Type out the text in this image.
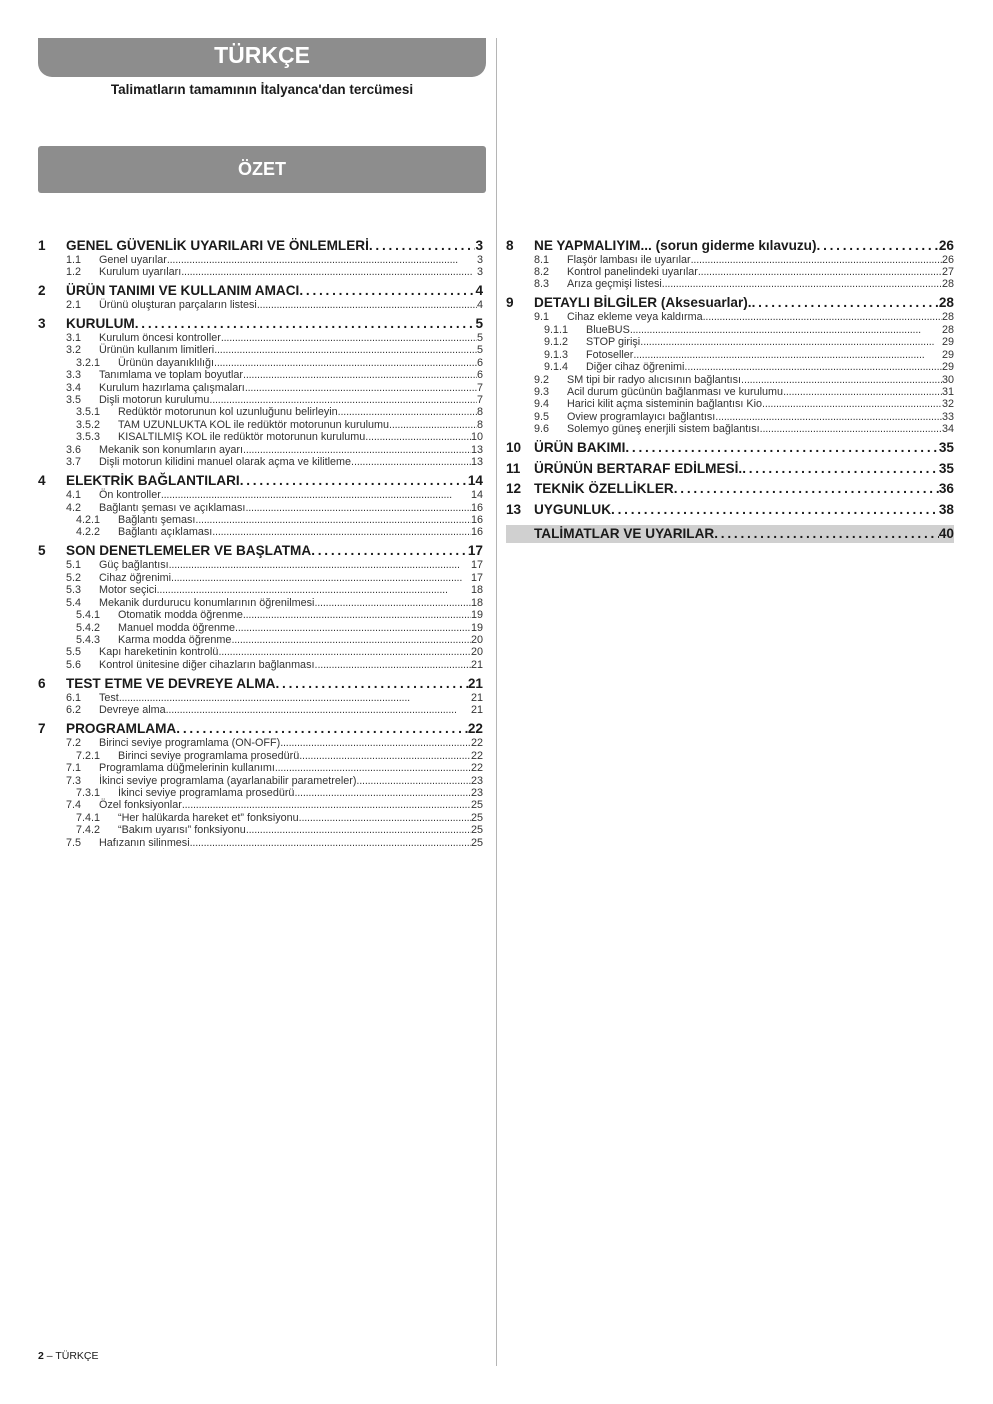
TÜRKÇE
Talimatların tamamının İtalyanca'dan tercümesi
ÖZET
1	GENEL GÜVENLİK UYARILARI VE ÖNLEMLERİ . . .	3
1.1	Genel uyarılar . . .	3
1.2	Kurulum uyarıları . . .	3
2	ÜRÜN TANIMI VE KULLANIM AMACI . . .	4
2.1	Ürünü oluşturan parçaların listesi . . .	4
3	KURULUM . . .	5
3.1	Kurulum öncesi kontroller . . .	5
3.2	Ürünün kullanım limitleri . . .	5
3.2.1	Ürünün dayanıklılığı . . .	6
3.3	Tanımlama ve toplam boyutlar . . .	6
3.4	Kurulum hazırlama çalışmaları . . .	7
3.5	Dişli motorun kurulumu . . .	7
3.5.1	Redüktör motorunun kol uzunluğunu belirleyin . . .	8
3.5.2	TAM UZUNLUKTA KOL ile redüktör motorunun kurulumu . . .	8
3.5.3	KISALTILMIŞ KOL ile redüktör motorunun kurulumu. . . .	10
3.6	Mekanik son konumların ayarı . . .	13
3.7	Dişli motorun kilidini manuel olarak açma ve kilitleme. . . .	13
4	ELEKTRİK BAĞLANTILARI . . .	14
4.1	Ön kontroller . . .	14
4.2	Bağlantı şeması ve açıklaması . . .	16
4.2.1	Bağlantı şeması . . .	16
4.2.2	Bağlantı açıklaması . . .	16
5	SON DENETLEMELER VE BAŞLATMA . . .	17
5.1	Güç bağlantısı . . .	17
5.2	Cihaz öğrenimi . . .	17
5.3	Motor seçici . . .	18
5.4	Mekanik durdurucu konumlarının öğrenilmesi . . .	18
5.4.1	Otomatik modda öğrenme . . .	19
5.4.2	Manuel modda öğrenme . . .	19
5.4.3	Karma modda öğrenme . . .	20
5.5	Kapı hareketinin kontrolü . . .	20
5.6	Kontrol ünitesine diğer cihazların bağlanması. . . .	21
6	TEST ETME VE DEVREYE ALMA . . .	21
6.1	Test . . .	21
6.2	Devreye alma . . .	21
7	PROGRAMLAMA . . .	22
7.2	Birinci seviye programlama (ON-OFF) . . .	22
7.2.1	Birinci seviye programlama prosedürü . . .	22
7.1	Programlama düğmelerinin kullanımı . . .	22
7.3	İkinci seviye programlama (ayarlanabilir parametreler) . . .	23
7.3.1	İkinci seviye programlama prosedürü . . .	23
7.4	Özel fonksiyonlar . . .	25
7.4.1	“Her halükarda hareket et” fonksiyonu . . .	25
7.4.2	“Bakım uyarısı” fonksiyonu . . .	25
7.5	Hafızanın silinmesi . . .	25
8	NE YAPMALIYIM... (sorun giderme kılavuzu) . . .	26
8.1	Flaşör lambası ile uyarılar . . .	26
8.2	Kontrol panelindeki uyarılar . . .	27
8.3	Arıza geçmişi listesi . . .	28
9	DETAYLI BİLGİLER (Aksesuarlar). . . .	28
9.1	Cihaz ekleme veya kaldırma . . .	28
9.1.1	BlueBUS . . .	28
9.1.2	STOP girişi. . . .	29
9.1.3	Fotoseller . . .	29
9.1.4	Diğer cihaz öğrenimi. . . .	29
9.2	SM tipi bir radyo alıcısının bağlantısı. . . .	30
9.3	Acil durum gücünün bağlanması ve kurulumu . . .	31
9.4	Harici kilit açma sisteminin bağlantısı Kio . . .	32
9.5	Oview programlayıcı bağlantısı. . . .	33
9.6	Solemyo güneş enerjili sistem bağlantısı . . .	34
10 ÜRÜN BAKIMI . . .	35
11	ÜRÜNÜN BERTARAF EDİLMESİ. . . .	35
12 TEKNİK ÖZELLİKLER . . .	36
13 UYGUNLUK . . .	38
TALİMATLAR VE UYARILAR . . .	40
2 – TÜRKÇE
